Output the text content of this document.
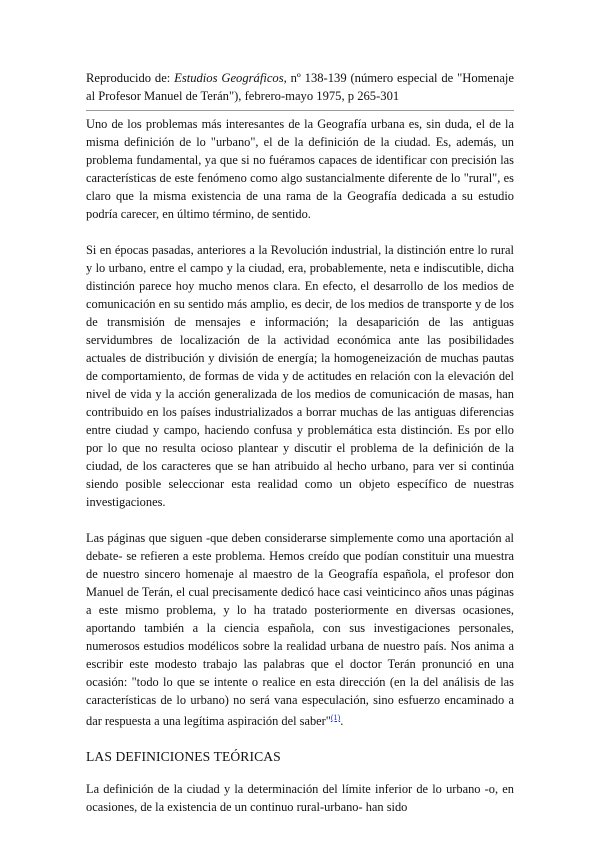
Reproducido de: Estudios Geográficos, nº 138-139 (número especial de "Homenaje al Profesor Manuel de Terán"), febrero-mayo 1975, p 265-301

Uno de los problemas más interesantes de la Geografía urbana es, sin duda, el de la misma definición de lo "urbano", el de la definición de la ciudad. Es, además, un problema fundamental, ya que si no fuéramos capaces de identificar con precisión las características de este fenómeno como algo sustancialmente diferente de lo "rural", es claro que la misma existencia de una rama de la Geografía dedicada a su estudio podría carecer, en último término, de sentido.

Si en épocas pasadas, anteriores a la Revolución industrial, la distinción entre lo rural y lo urbano, entre el campo y la ciudad, era, probablemente, neta e indiscutible, dicha distinción parece hoy mucho menos clara. En efecto, el desarrollo de los medios de comunicación en su sentido más amplio, es decir, de los medios de transporte y de los de transmisión de mensajes e información; la desaparición de las antiguas servidumbres de localización de la actividad económica ante las posibilidades actuales de distribución y división de energía; la homogeneización de muchas pautas de comportamiento, de formas de vida y de actitudes en relación con la elevación del nivel de vida y la acción generalizada de los medios de comunicación de masas, han contribuido en los países industrializados a borrar muchas de las antiguas diferencias entre ciudad y campo, haciendo confusa y problemática esta distinción. Es por ello por lo que no resulta ocioso plantear y discutir el problema de la definición de la ciudad, de los caracteres que se han atribuido al hecho urbano, para ver si continúa siendo posible seleccionar esta realidad como un objeto específico de nuestras investigaciones.

Las páginas que siguen -que deben considerarse simplemente como una aportación al debate- se refieren a este problema. Hemos creído que podían constituir una muestra de nuestro sincero homenaje al maestro de la Geografía española, el profesor don Manuel de Terán, el cual precisamente dedicó hace casi veinticinco años unas páginas a este mismo problema, y lo ha tratado posteriormente en diversas ocasiones, aportando también a la ciencia española, con sus investigaciones personales, numerosos estudios modélicos sobre la realidad urbana de nuestro país. Nos anima a escribir este modesto trabajo las palabras que el doctor Terán pronunció en una ocasión: "todo lo que se intente o realice en esta dirección (en la del análisis de las características de lo urbano) no será vana especulación, sino esfuerzo encaminado a dar respuesta a una legítima aspiración del saber"$^{(1)}$.

LAS DEFINICIONES TEÓRICAS

La definición de la ciudad y la determinación del límite inferior de lo urbano -o, en ocasiones, de la existencia de un continuo rural-urbano- han sido
